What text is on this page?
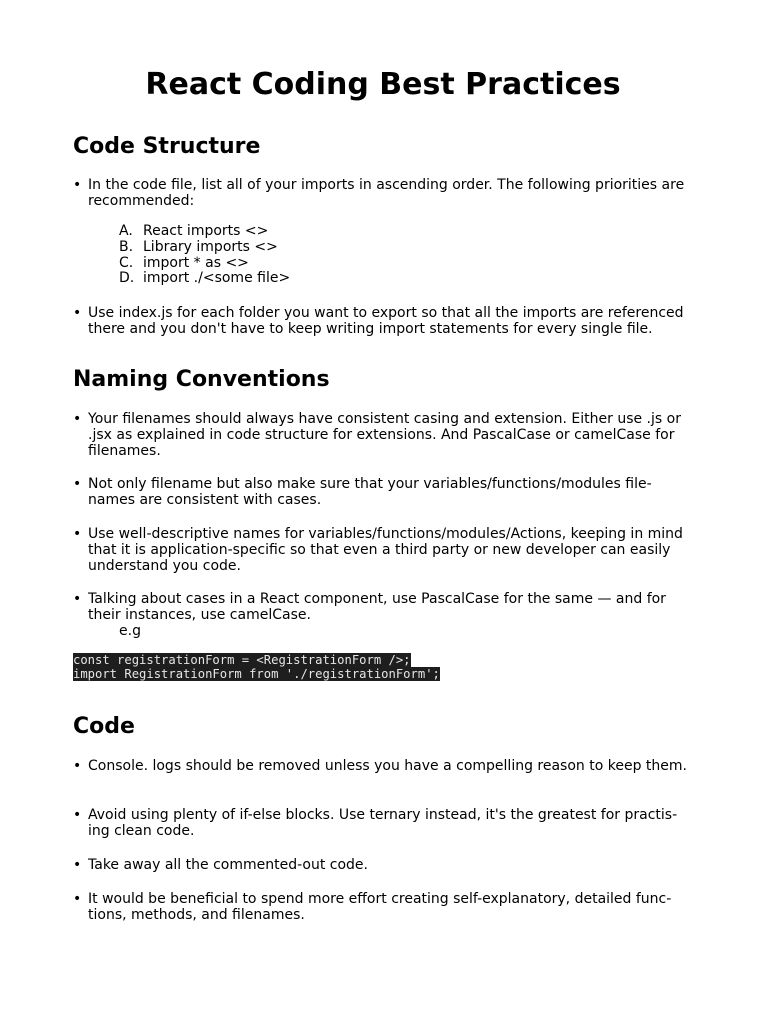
React Coding Best Practices
Code Structure
• In the code file, list all of your imports in ascending order. The following priorities are recommended:
A. React imports <>
B. Library imports <>
C. import * as <>
D. import ./<some file>
• Use index.js for each folder you want to export so that all the imports are referenced there and you don't have to keep writing import statements for every single file.
Naming Conventions
• Your filenames should always have consistent casing and extension. Either use .js or .jsx as explained in code structure for extensions. And PascalCase or camelCase for filenames.
• Not only filename but also make sure that your variables/functions/modules file-names are consistent with cases.
• Use well-descriptive names for variables/functions/modules/Actions, keeping in mind that it is application-specific so that even a third party or new developer can easily understand you code.
• Talking about cases in a React component, use PascalCase for the same — and for their instances, use camelCase.
e.g
const registrationForm = <RegistrationForm />;
import RegistrationForm from './registrationForm';
Code
• Console. logs should be removed unless you have a compelling reason to keep them.
• Avoid using plenty of if-else blocks. Use ternary instead, it's the greatest for practis-ing clean code.
• Take away all the commented-out code.
• It would be beneficial to spend more effort creating self-explanatory, detailed func-tions, methods, and filenames.
